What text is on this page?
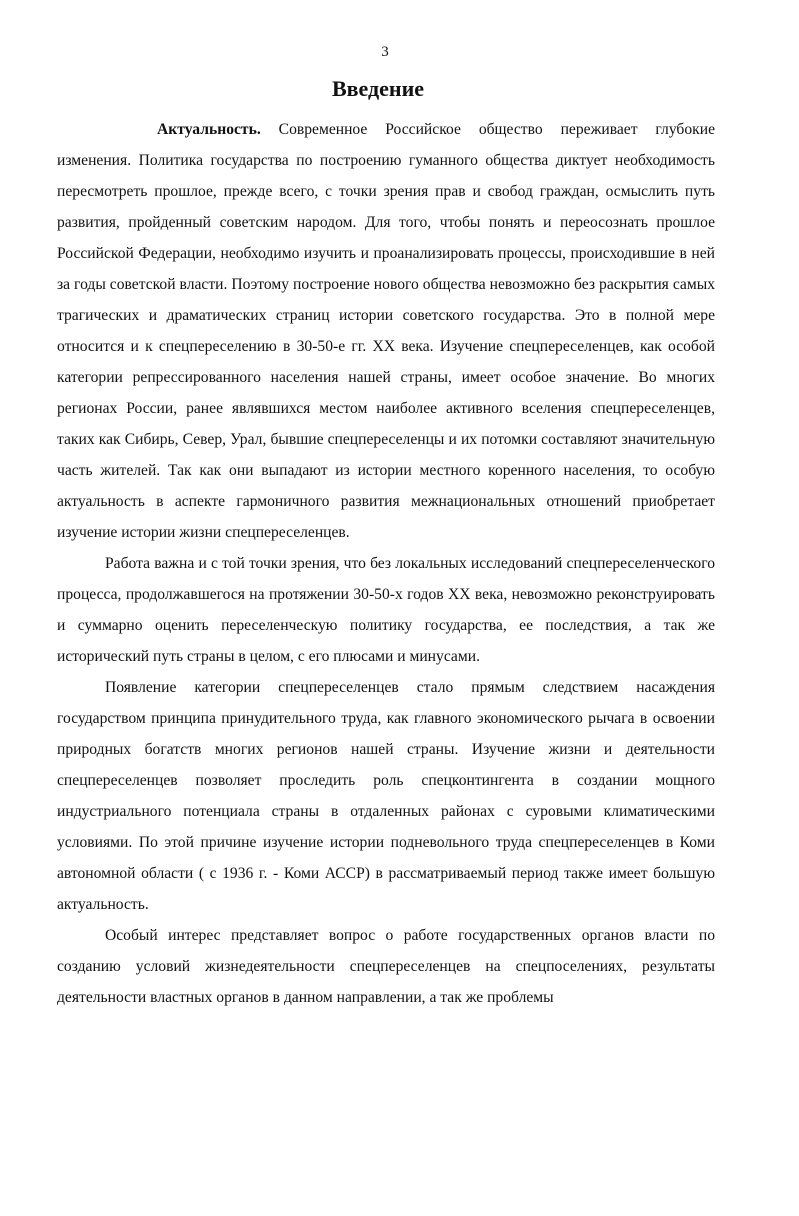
3
Введение

Актуальность. Современное Российское общество переживает глубокие изменения. Политика государства по построению гуманного общества диктует необходимость пересмотреть прошлое, прежде всего, с точки зрения прав и свобод граждан, осмыслить путь развития, пройденный советским народом. Для того, чтобы понять и переосознать прошлое Российской Федерации, необходимо изучить и проанализировать процессы, происходившие в ней за годы советской власти. Поэтому построение нового общества невозможно без раскрытия самых трагических и драматических страниц истории советского государства. Это в полной мере относится и к спецпереселению в 30-50-е гг. XX века. Изучение спецпереселенцев, как особой категории репрессированного населения нашей страны, имеет особое значение. Во многих регионах России, ранее являвшихся местом наиболее активного вселения спецпереселенцев, таких как Сибирь, Север, Урал, бывшие спецпереселенцы и их потомки составляют значительную часть жителей. Так как они выпадают из истории местного коренного населения, то особую актуальность в аспекте гармоничного развития межнациональных отношений приобретает изучение истории жизни спецпереселенцев.

Работа важна и с той точки зрения, что без локальных исследований спецпереселенческого процесса, продолжавшегося на протяжении 30-50-х годов XX века, невозможно реконструировать и суммарно оценить переселенческую политику государства, ее последствия, а так же исторический путь страны в целом, с его плюсами и минусами.

Появление категории спецпереселенцев стало прямым следствием насаждения государством принципа принудительного труда, как главного экономического рычага в освоении природных богатств многих регионов нашей страны. Изучение жизни и деятельности спецпереселенцев позволяет проследить роль спецконтингента в создании мощного индустриального потенциала страны в отдаленных районах с суровыми климатическими условиями. По этой причине изучение истории подневольного труда спецпереселенцев в Коми автономной области ( с 1936 г. - Коми АССР) в рассматриваемый период также имеет большую актуальность.

Особый интерес представляет вопрос о работе государственных органов власти по созданию условий жизнедеятельности спецпереселенцев на спецпоселениях, результаты деятельности властных органов в данном направлении, а так же проблемы
